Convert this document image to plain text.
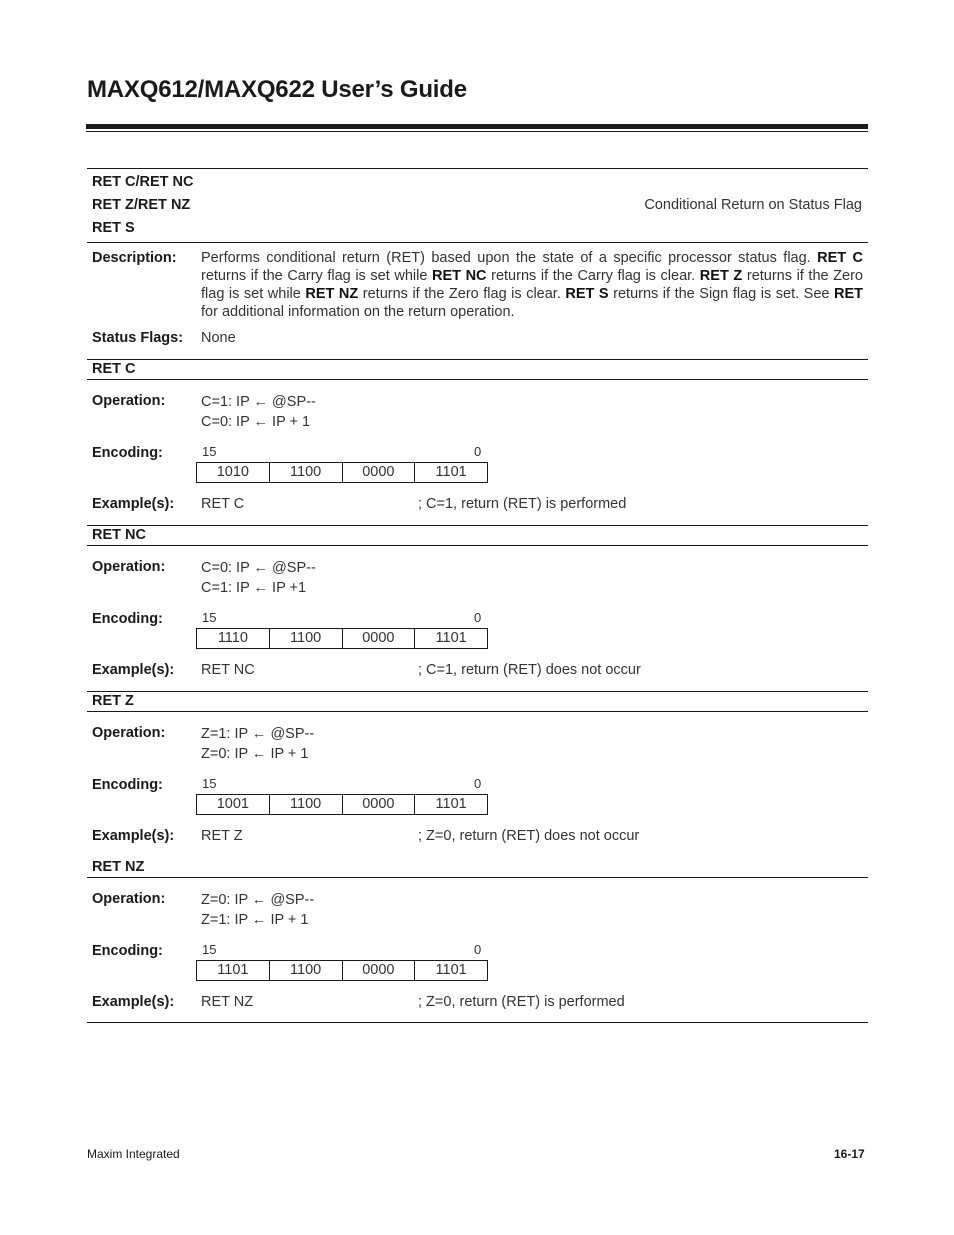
MAXQ612/MAXQ622 User’s Guide
RET C/RET NC
RET Z/RET NZ
RET S
Conditional Return on Status Flag
Description: Performs conditional return (RET) based upon the state of a specific processor status flag. RET C returns if the Carry flag is set while RET NC returns if the Carry flag is clear. RET Z returns if the Zero flag is set while RET NZ returns if the Zero flag is clear. RET S returns if the Sign flag is set. See RET for additional information on the return operation.
Status Flags: None
RET C
Operation: C=1: IP ← @SP--
C=0: IP ← IP + 1
Encoding:	15	0
1010	1100	0000	1101
Example(s): RET C	; C=1, return (RET) is performed
RET NC
Operation: C=0: IP ← @SP--
C=1: IP ← IP +1
Encoding:	15	0
1110	1100	0000	1101
Example(s): RET NC	; C=1, return (RET) does not occur
RET Z
Operation: Z=1: IP ← @SP--
Z=0: IP ← IP + 1
Encoding:	15	0
1001	1100	0000	1101
Example(s): RET Z	; Z=0, return (RET) does not occur
RET NZ
Operation: Z=0: IP ← @SP--
Z=1: IP ← IP + 1
Encoding:	15	0
1101	1100	0000	1101
Example(s): RET NZ	; Z=0, return (RET) is performed
Maxim Integrated	16-17
